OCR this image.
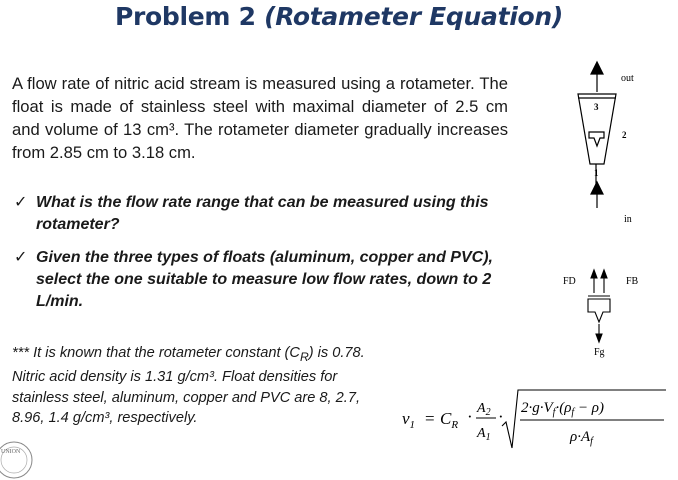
Problem 2 (Rotameter Equation)

A flow rate of nitric acid stream is measured using a rotameter. The float is made of stainless steel with maximal diameter of 2.5 cm and volume of 13 cm³. The rotameter diameter gradually increases from 2.85 cm to 3.18 cm.

✓ What is the flow rate range that can be measured using this rotameter?
✓ Given the three types of floats (aluminum, copper and PVC), select the one suitable to measure low flow rates, down to 2 L/min.

*** It is known that the rotameter constant $(C_R)$ is 0.78. Nitric acid density is 1.31 g/cm³. Float densities for stainless steel, aluminum, copper and PVC are 8, 2.7, 8.96, 1.4 g/cm³, respectively.

out
in
3
2
1
FD	FB
Fg
$v_1 = C_R \cdot A_2$
$A_1$
· $2\cdot g\cdot V_f\cdot(\rho_f - \rho)$
$\rho\cdot A_f$
UNION
